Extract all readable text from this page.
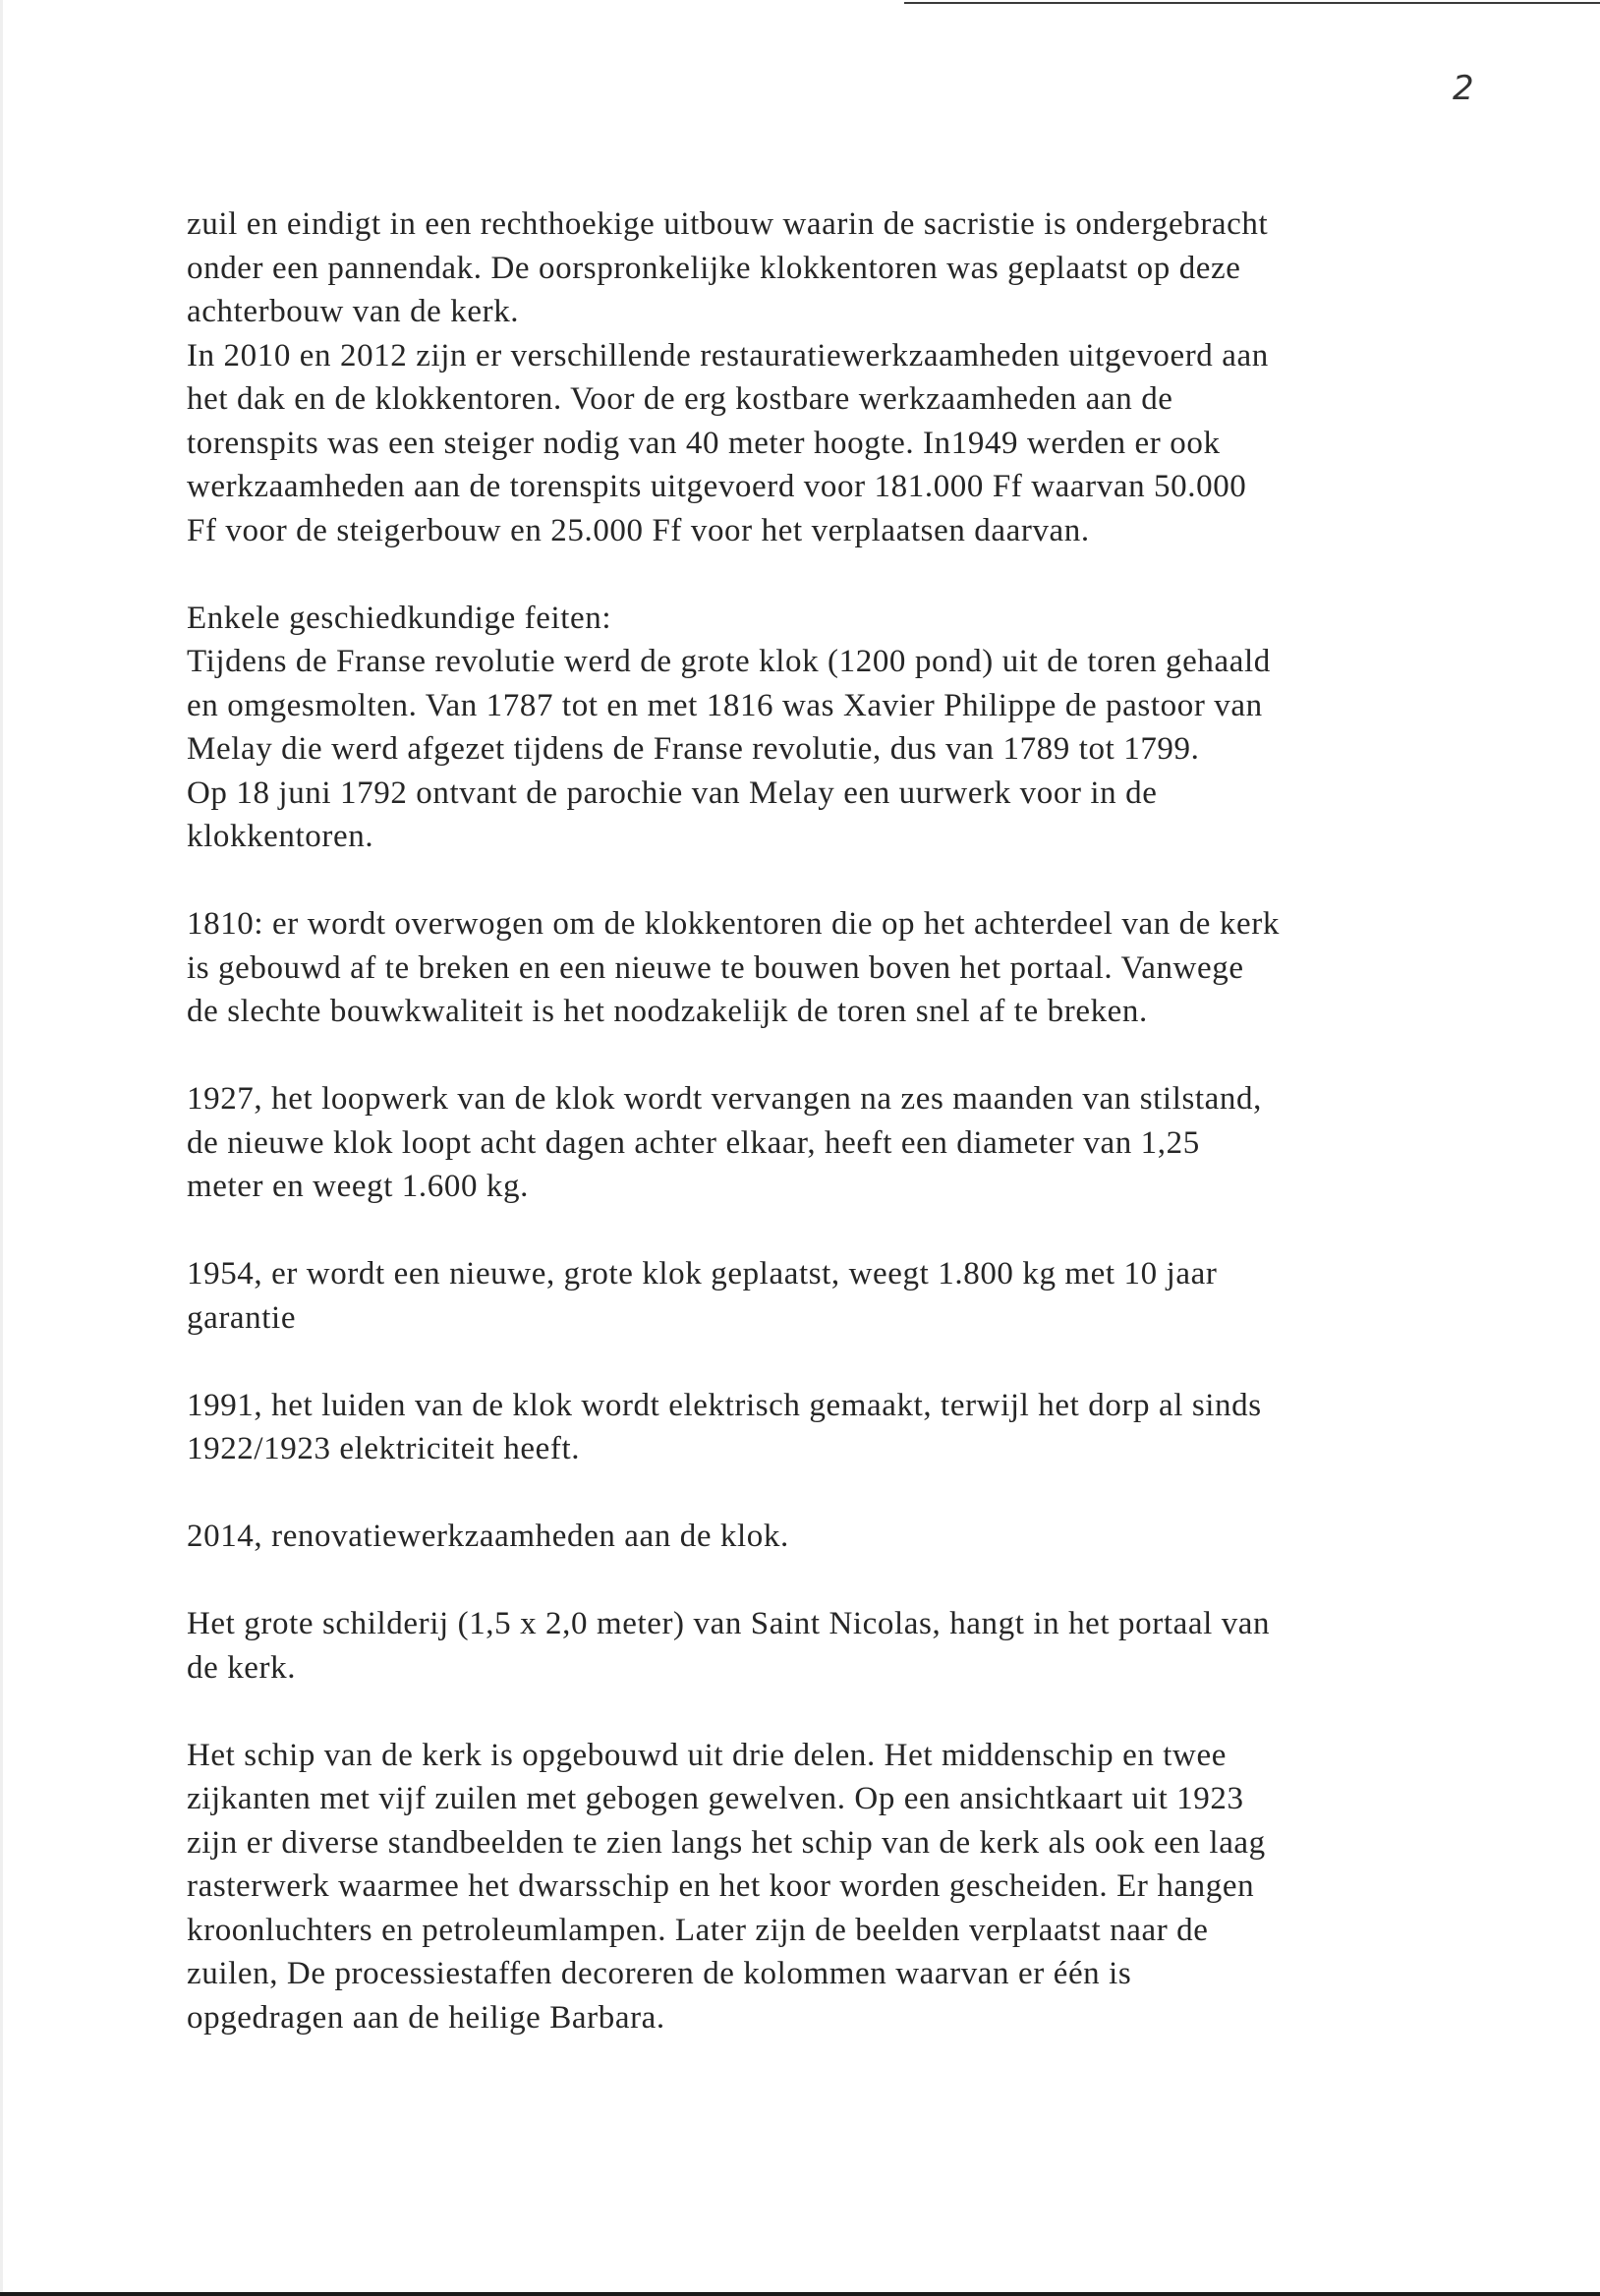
2

zuil en eindigt in een rechthoekige uitbouw waarin de sacristie is ondergebracht
onder een pannendak. De oorspronkelijke klokkentoren was geplaatst op deze
achterbouw van de kerk.
In 2010 en 2012 zijn er verschillende restauratiewerkzaamheden uitgevoerd aan
het dak en de klokkentoren. Voor de erg kostbare werkzaamheden aan de
torenspits was een steiger nodig van 40 meter hoogte. In1949 werden er ook
werkzaamheden aan de torenspits uitgevoerd voor 181.000 Ff waarvan 50.000
Ff voor de steigerbouw en 25.000 Ff voor het verplaatsen daarvan.

Enkele geschiedkundige feiten:
Tijdens de Franse revolutie werd de grote klok (1200 pond) uit de toren gehaald
en omgesmolten. Van 1787 tot en met 1816 was Xavier Philippe de pastoor van
Melay die werd afgezet tijdens de Franse revolutie, dus van 1789 tot 1799.
Op 18 juni 1792 ontvant de parochie van Melay een uurwerk voor in de
klokkentoren.

1810: er wordt overwogen om de klokkentoren die op het achterdeel van de kerk
is gebouwd af te breken en een nieuwe te bouwen boven het portaal. Vanwege
de slechte bouwkwaliteit is het noodzakelijk de toren snel af te breken.

1927, het loopwerk van de klok wordt vervangen na zes maanden van stilstand,
de nieuwe klok loopt acht dagen achter elkaar, heeft een diameter van 1,25
meter en weegt 1.600 kg.

1954, er wordt een nieuwe, grote klok geplaatst, weegt 1.800 kg met 10 jaar
garantie

1991, het luiden van de klok wordt elektrisch gemaakt, terwijl het dorp al sinds
1922/1923 elektriciteit heeft.

2014, renovatiewerkzaamheden aan de klok.

Het grote schilderij (1,5 x 2,0 meter) van Saint Nicolas, hangt in het portaal van
de kerk.

Het schip van de kerk is opgebouwd uit drie delen. Het middenschip en twee
zijkanten met vijf zuilen met gebogen gewelven. Op een ansichtkaart uit 1923
zijn er diverse standbeelden te zien langs het schip van de kerk als ook een laag
rasterwerk waarmee het dwarsschip en het koor worden gescheiden. Er hangen
kroonluchters en petroleumlampen. Later zijn de beelden verplaatst naar de
zuilen, De processiestaffen decoreren de kolommen waarvan er één is
opgedragen aan de heilige Barbara.
